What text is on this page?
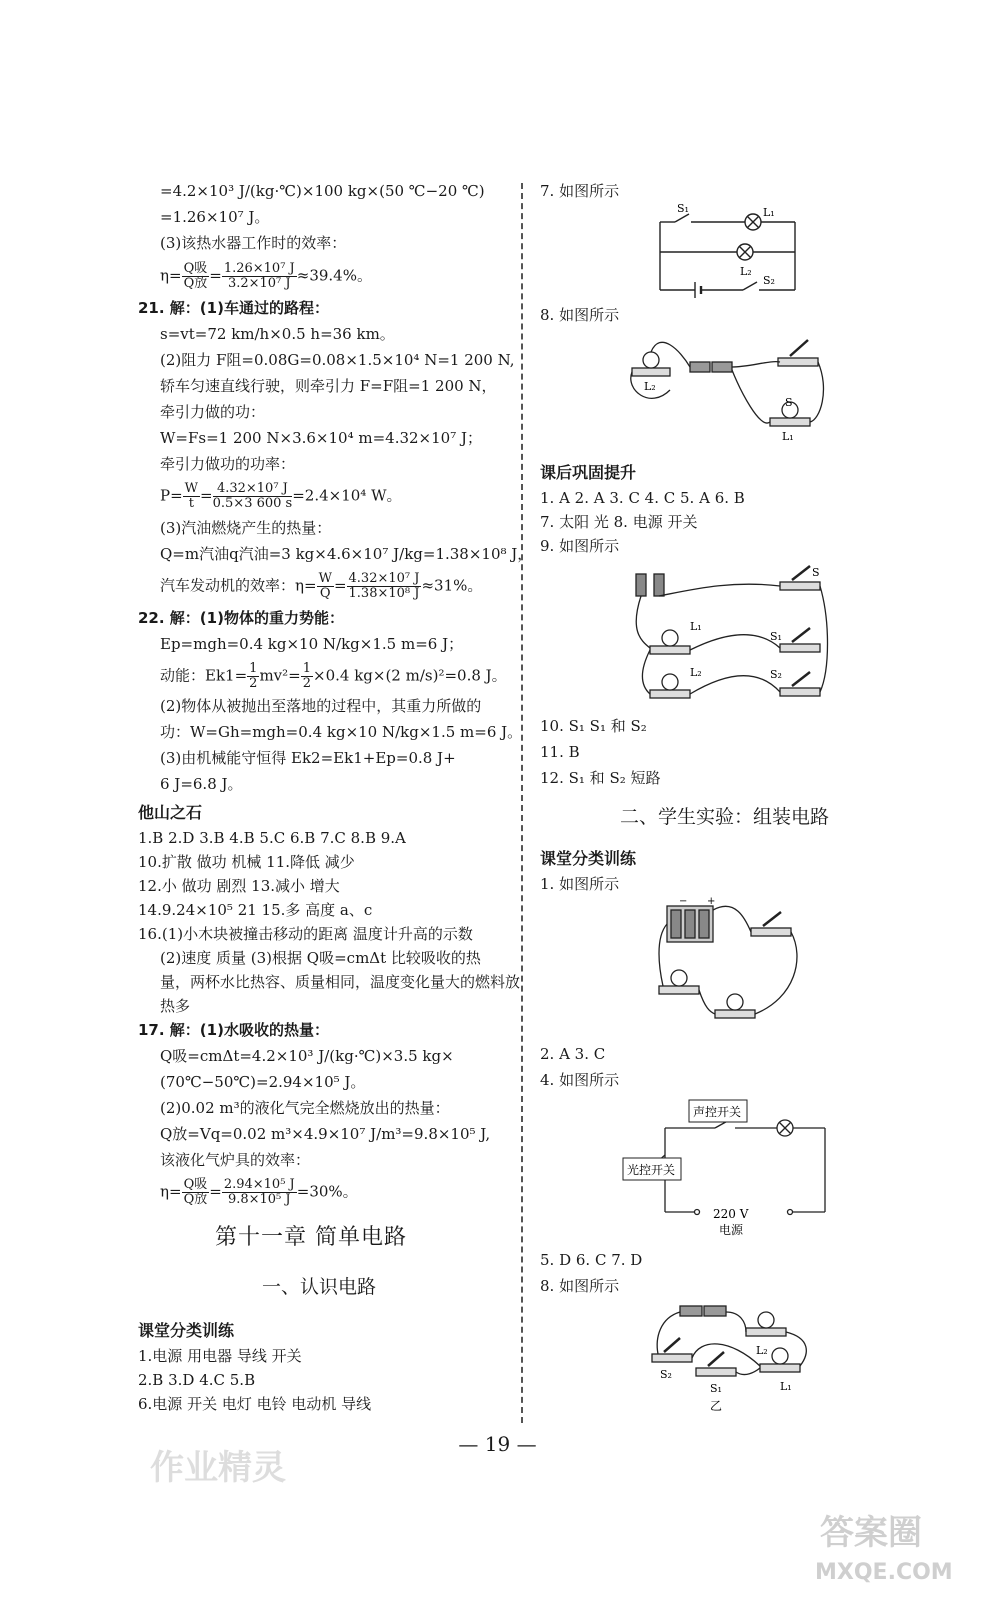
=4.2×10³ J/(kg·℃)×100 kg×(50 ℃−20 ℃)
=1.26×10⁷ J。
(3)该热水器工作时的效率：
$\eta= \frac{\text{Q吸}}{\text{Q放}} = \frac{\text{1.26×10⁷ J}}{\text{3.2×10⁷ J}} \approx 39.4\%$。
21. 解：(1)车通过的路程：
s=vt=72 km/h×0.5 h=36 km。
(2)阻力 F阻=0.08G=0.08×1.5×10⁴ N=1 200 N,
轿车匀速直线行驶，则牵引力 F=F阻=1 200 N，
牵引力做的功：
W=Fs=1 200 N×3.6×10⁴ m=4.32×10⁷ J；
牵引力做功的功率：
$P= \frac{W}{t} = \frac{\text{4.32×10⁷ J}}{0.5\times 3 600 s} =2.4\times 10^4$ W。
(3)汽油燃烧产生的热量：
Q=m汽油q汽油=3 kg×4.6×10⁷ J/kg=1.38×10⁸ J，
汽车发动机的效率：$\eta= \frac{W}{Q} = \frac{\text{4.32×10⁷ J}}{\text{1.38×10⁸ J}} \approx 31\%$。
22. 解：(1)物体的重力势能：
Ep=mgh=0.4 kg×10 N/kg×1.5 m=6 J；
动能：$Ek1= \frac{1}{2} mv^2= \frac{1}{2} \times 0.4$ kg×(2 m/s)²=0.8 J。
(2)物体从被抛出至落地的过程中，其重力所做的
功：W=Gh=mgh=0.4 kg×10 N/kg×1.5 m=6 J。
(3)由机械能守恒得 Ek2=Ek1+Ep=0.8 J+
6 J=6.8 J。
他山之石
1.B 2.D 3.B 4.B 5.C 6.B 7.C 8.B 9.A
10.扩散 做功 机械 11.降低 减少
12.小 做功 剧烈 13.减小 增大
14.9.24×10⁵ 21 15.多 高度 a、c
16.(1)小木块被撞击移动的距离 温度计升高的示数
(2)速度 质量 (3)根据 Q吸=cmΔt 比较吸收的热
量，两杯水比热容、质量相同，温度变化量大的燃料放
热多
17. 解：(1)水吸收的热量：
Q吸=cmΔt=4.2×10³ J/(kg·℃)×3.5 kg×
(70℃−50℃)=2.94×10⁵ J。
(2)0.02 m³的液化气完全燃烧放出的热量：
Q放=Vq=0.02 m³×4.9×10⁷ J/m³=9.8×10⁵ J,
该液化气炉具的效率：
$\eta= \frac{\text{Q吸}}{\text{Q放}} = \frac{\text{2.94×10⁵ J}}{\text{9.8×10⁵ J}} =30\%$。
第十一章 简单电路
一、认识电路
课堂分类训练
1.电源 用电器 导线 开关
2.B 3.D 4.C 5.B
6.电源 开关 电灯 电铃 电动机 导线
7. 如图所示
S₁	L₁
L₂
S₂
8. 如图所示
L₂
S
L₁
课后巩固提升
1. A 2. A 3. C 4. C 5. A 6. B
7. 太阳 光 8. 电源 开关
9. 如图所示
S
L₁
S₁
L₂	S₂
10. S₁ S₁ 和 S₂
11. B
12. S₁ 和 S₂ 短路
二、学生实验：组装电路
课堂分类训练
1. 如图所示
− +
2. A 3. C
4. 如图所示
声控开关
光控开关
220 V
电源
5. D 6. C 7. D
8. 如图所示
S₂
S₁
L₂
L₁
乙
— 19 —
作业精灵
答案圈
MXQE.COM
